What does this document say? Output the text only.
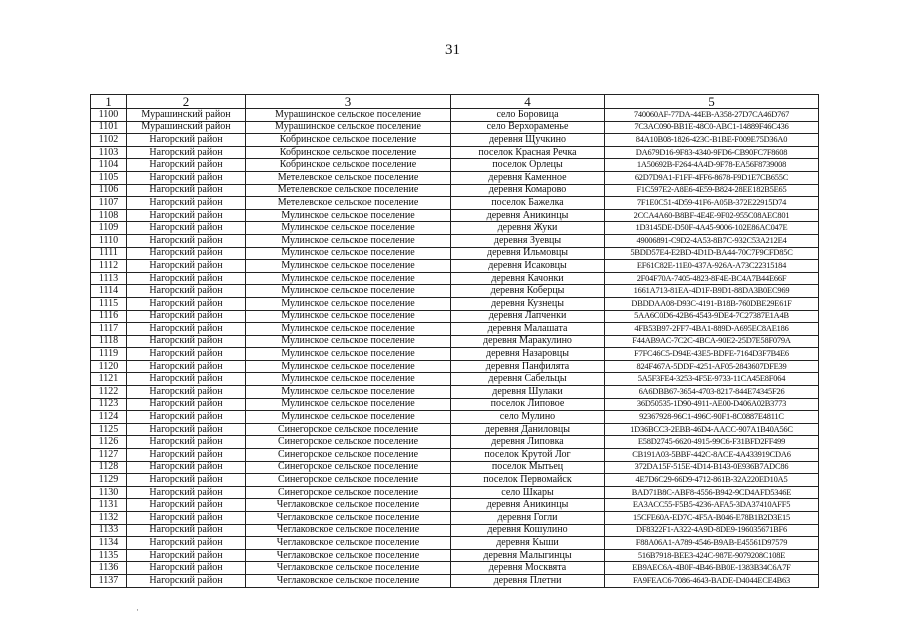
31
1	2	3	4	5
1100	Мурашинский район	Мурашинское сельское поселение	село Боровица	740060AF-77DA-44EB-A358-27D7CA46D767
1101	Мурашинский район	Мурашинское сельское поселение	село Верхораменье	7C3AC090-BB1E-48C0-ABC1-14889F46C436
1102	Нагорский район	Кобринское сельское поселение	деревня Щучкино	84A10B08-1826-423C-B1BE-F009E75D36A0
1103	Нагорский район	Кобринское сельское поселение	поселок Красная Речка	DA679D16-9F83-4340-9FD6-CB90FC7F8608
1104	Нагорский район	Кобринское сельское поселение	поселок Орлецы	1A50692B-F264-4A4D-9F78-EA56F8739008
1105	Нагорский район	Метелевское сельское поселение	деревня Каменное	62D7D9A1-F1FF-4FF6-8678-F9D1E7CB655C
1106	Нагорский район	Метелевское сельское поселение	деревня Комарово	F1C597E2-A8E6-4E59-B824-28EE182B5E65
1107	Нагорский район	Метелевское сельское поселение	поселок Бажелка	7F1E0C51-4D59-41F6-A05B-372E22915D74
1108	Нагорский район	Мулинское сельское поселение	деревня Аникинцы	2CCA4A60-B8BF-4E4E-9F02-955C08AEC801
1109	Нагорский район	Мулинское сельское поселение	деревня Жуки	1D3145DE-D50F-4A45-9006-102E86AC047E
1110	Нагорский район	Мулинское сельское поселение	деревня Зуевцы	49006891-C9D2-4A53-8B7C-932C53A212E4
1111	Нагорский район	Мулинское сельское поселение	деревня Ильмовцы	5BDD57E4-E2BD-4D1D-BA44-70C7F9CFD85C
1112	Нагорский район	Мулинское сельское поселение	деревня Исаковцы	EF61C82E-11E0-437A-926A-A73C22315184
1113	Нагорский район	Мулинское сельское поселение	деревня Качонки	2F04F70A-7405-4823-8F4E-BC4A7B44E66F
1114	Нагорский район	Мулинское сельское поселение	деревня Коберцы	1661A713-81EA-4D1F-B9D1-88DA3B0EC969
1115	Нагорский район	Мулинское сельское поселение	деревня Кузнецы	DBDDAA08-D93C-4191-B18B-760DBE29E61F
1116	Нагорский район	Мулинское сельское поселение	деревня Лапченки	5AA6C0D6-42B6-4543-9DE4-7C27387E1A4B
1117	Нагорский район	Мулинское сельское поселение	деревня Малашата	4FB53B97-2FF7-4BA1-889D-A695EC8AE186
1118	Нагорский район	Мулинское сельское поселение	деревня Маракулино	F44AB9AC-7C2C-4BCA-90E2-25D7E58F079A
1119	Нагорский район	Мулинское сельское поселение	деревня Назаровцы	F7FC46C5-D94E-43E5-BDFE-7164D3F7B4E6
1120	Нагорский район	Мулинское сельское поселение	деревня Панфилята	824F467A-5DDF-4251-AF05-2843607DFE39
1121	Нагорский район	Мулинское сельское поселение	деревня Сабельцы	5A5F3FE4-3253-4F5E-9733-11CA45E8F064
1122	Нагорский район	Мулинское сельское поселение	деревня Шулаки	6A6DBB67-3654-4703-8217-844E74345F26
1123	Нагорский район	Мулинское сельское поселение	поселок Липовое	36D50535-1D90-4911-AE00-D406A02B3773
1124	Нагорский район	Мулинское сельское поселение	село Мулино	92367928-96C1-496C-90F1-8C0887E4811C
1125	Нагорский район	Синегорское сельское поселение	деревня Даниловцы	1D36BCC3-2EBB-46D4-AACC-907A1B40A56C
1126	Нагорский район	Синегорское сельское поселение	деревня Липовка	E58D2745-6620-4915-99C6-F31BFD2FF499
1127	Нагорский район	Синегорское сельское поселение	поселок Крутой Лог	CB191A03-5BBF-442C-8ACE-4A433919CDA6
1128	Нагорский район	Синегорское сельское поселение	поселок Мытьец	372DA15F-515E-4D14-B143-0E936B7ADC86
1129	Нагорский район	Синегорское сельское поселение	поселок Первомайск	4E7D6C29-66D9-4712-861B-32A220ED10A5
1130	Нагорский район	Синегорское сельское поселение	село Шкары	BAD71B8C-ABF8-4556-B942-9CD4AFD5346E
1131	Нагорский район	Чеглаковское сельское поселение	деревня Аникинцы	EA3ACC55-F5B5-4236-AFA5-3DA37410AFF5
1132	Нагорский район	Чеглаковское сельское поселение	деревня Гогли	15CFE60A-ED7C-4F5A-B046-E78B1B2D3E15
1133	Нагорский район	Чеглаковское сельское поселение	деревня Кошулино	DF8322F1-A322-4A9D-8DE9-196035671BF6
1134	Нагорский район	Чеглаковское сельское поселение	деревня Кыши	F88A06A1-A789-4546-B9AB-E45561D97579
1135	Нагорский район	Чеглаковское сельское поселение	деревня Малыгинцы	516B7918-BEE3-424C-987E-9079208C108E
1136	Нагорский район	Чеглаковское сельское поселение	деревня Москвята	EB9AEC6A-4B0F-4B46-BB0E-1383B34C6A7F
1137	Нагорский район	Чеглаковское сельское поселение	деревня Плетни	FA9FEAC6-7086-4643-BADE-D4044ECE4B63
·
